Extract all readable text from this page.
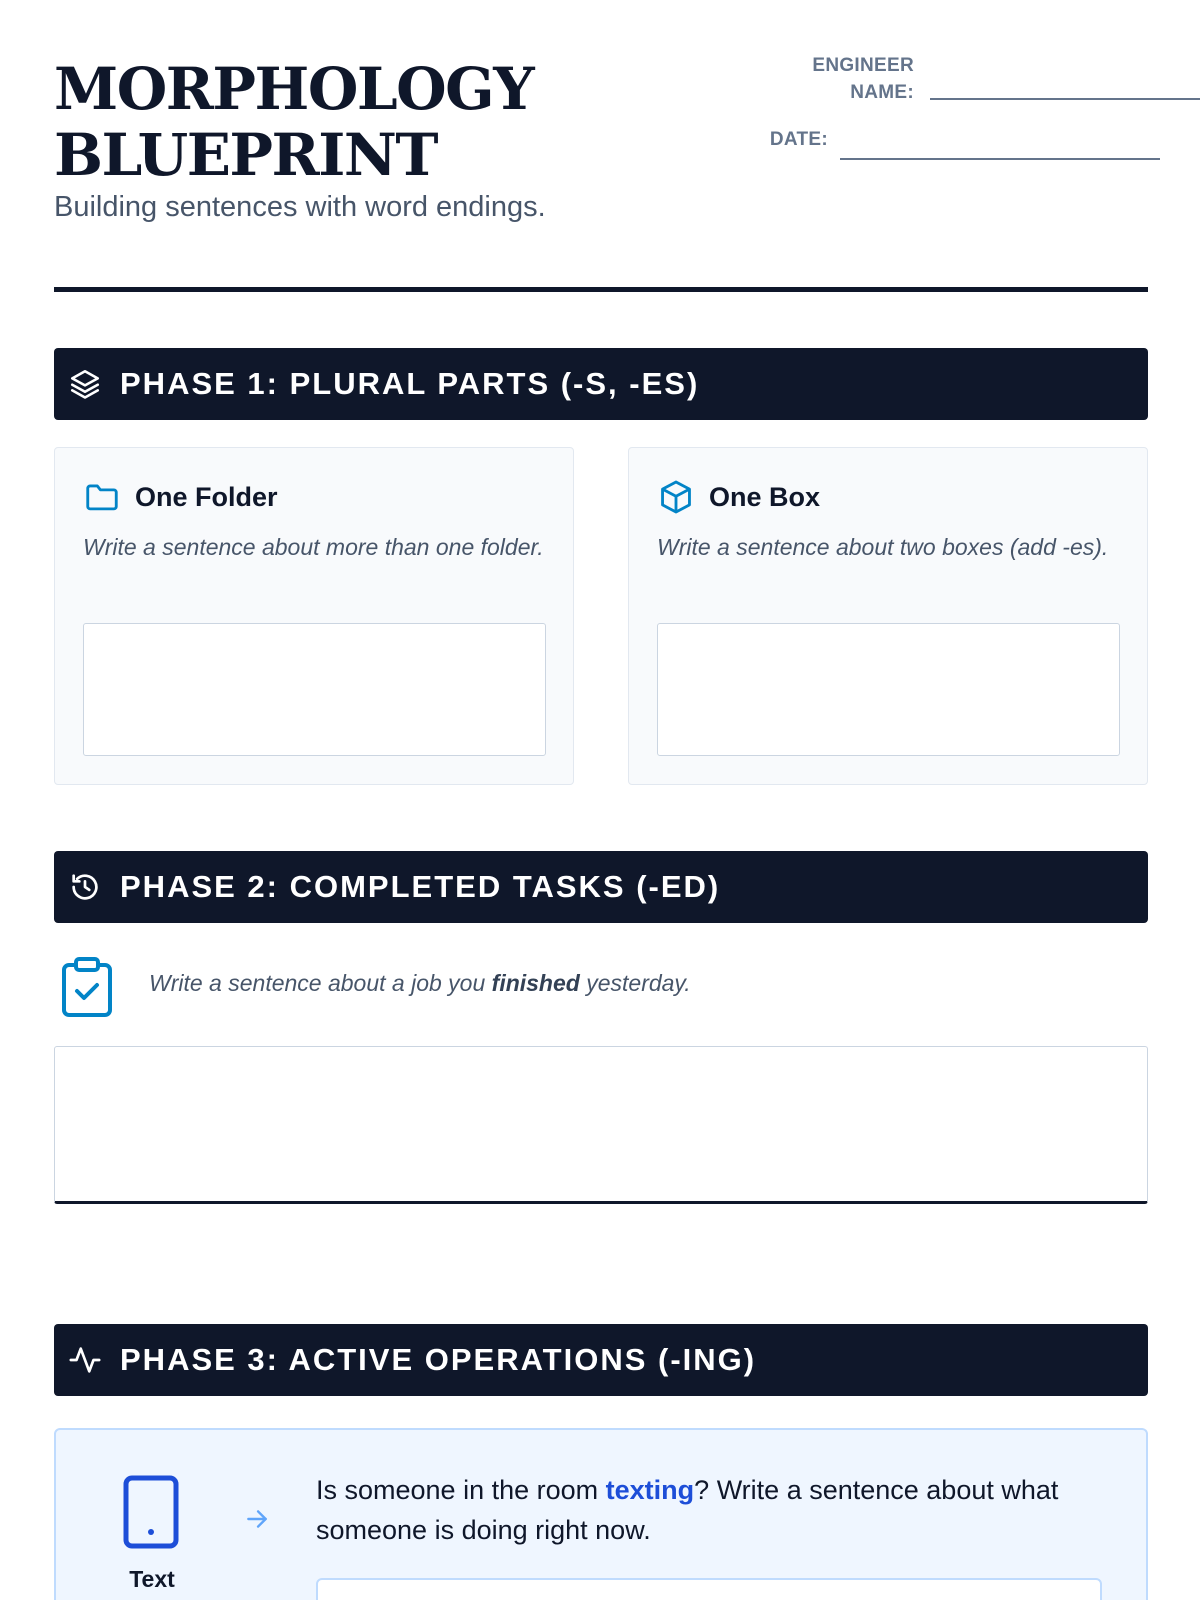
MORPHOLOGY
BLUEPRINT
Building sentences with word endings.
ENGINEER
NAME:
DATE:
PHASE 1: PLURAL PARTS (-S, -ES)
One Folder
Write a sentence about more than one folder.
One Box
Write a sentence about two boxes (add -es).
PHASE 2: COMPLETED TASKS (-ED)
Write a sentence about a job you finished yesterday.
PHASE 3: ACTIVE OPERATIONS (-ING)
Text
Is someone in the room texting? Write a sentence about what someone is doing right now.
